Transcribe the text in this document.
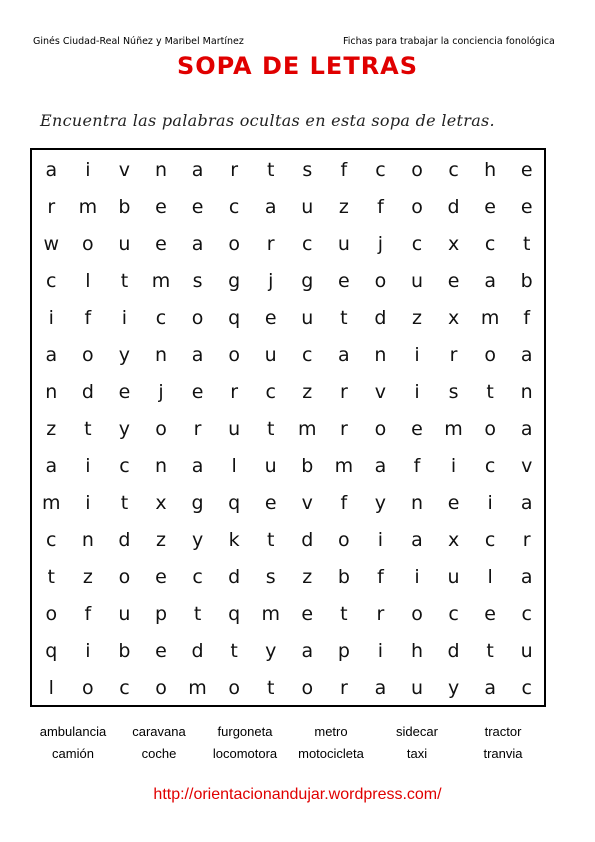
Ginés Ciudad-Real Núñez y Maribel Martínez	Fichas para trabajar la conciencia fonológica
SOPA DE LETRAS
Encuentra las palabras ocultas en esta sopa de letras.
a	i	v	n	a	r	t	s	f	c	o	c	h	e
r	m	b	e	e	c	a	u	z	f	o	d	e	e
w	o	u	e	a	o	r	c	u	j	c	x	c	t
c	l	t	m	s	g	j	g	e	o	u	e	a	b
i	f	i	c	o	q	e	u	t	d	z	x	m	f
a	o	y	n	a	o	u	c	a	n	i	r	o	a
n	d	e	j	e	r	c	z	r	v	i	s	t	n
z	t	y	o	r	u	t	m	r	o	e	m	o	a
a	i	c	n	a	l	u	b	m	a	f	i	c	v
m	i	t	x	g	q	e	v	f	y	n	e	i	a
c	n	d	z	y	k	t	d	o	i	a	x	c	r
t	z	o	e	c	d	s	z	b	f	i	u	l	a
o	f	u	p	t	q	m	e	t	r	o	c	e	c
q	i	b	e	d	t	y	a	p	i	h	d	t	u
l	o	c	o	m	o	t	o	r	a	u	y	a	c
ambulancia	caravana	furgoneta	metro	sidecar	tractor
camión	coche	locomotora	motocicleta	taxi	tranvia
http://orientacionandujar.wordpress.com/
